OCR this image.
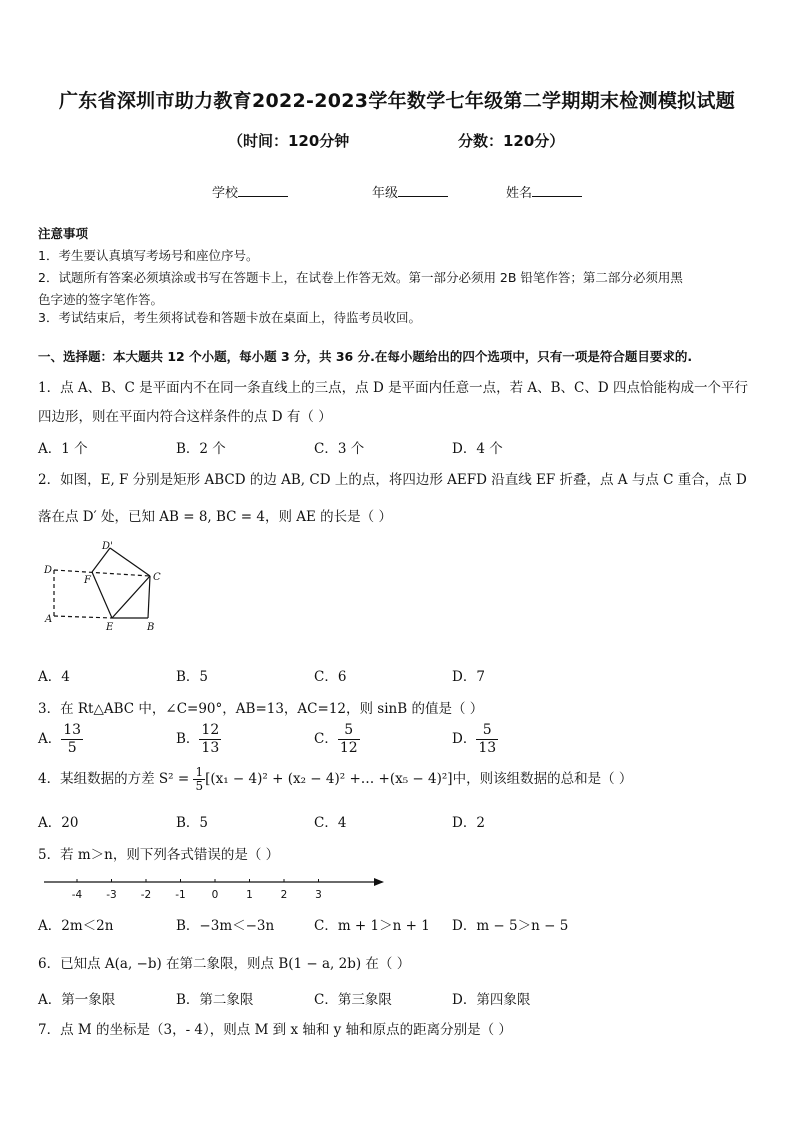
广东省深圳市助力教育2022-2023学年数学七年级第二学期期末检测模拟试题
（时间：120分钟	分数：120分）
学校	年级	姓名
注意事项
1．考生要认真填写考场号和座位序号。
2．试题所有答案必须填涂或书写在答题卡上，在试卷上作答无效。第一部分必须用 2B 铅笔作答；第二部分必须用黑
色字迹的签字笔作答。
3．考试结束后，考生须将试卷和答题卡放在桌面上，待监考员收回。
一、选择题：本大题共 12 个小题，每小题 3 分，共 36 分.在每小题给出的四个选项中，只有一项是符合题目要求的.
1．点 A、B、C 是平面内不在同一条直线上的三点，点 D 是平面内任意一点，若 A、B、C、D 四点恰能构成一个平行
四边形，则在平面内符合这样条件的点 D 有（ ）
A．1 个	B．2 个	C．3 个	D．4 个
2．如图，E, F 分别是矩形 ABCD 的边 AB, CD 上的点，将四边形 AEFD 沿直线 EF 折叠，点 A 与点 C 重合，点 D
落在点 D′ 处，已知 AB = 8, BC = 4，则 AE 的长是（ ）
D'
D
F	C
A
E	B
A．4	B．5	C．6	D．7
3．在 Rt△ABC 中，∠C=90°，AB=13，AC=12，则 sinB 的值是（ ）
A． $\frac{13}{5}$	B． $\frac{12}{13}$	C． $\frac{5}{12}$	D． $\frac{5}{13}$
4．某组数据的方差 $S^2 = \frac{1}{5} [(x_1 - 4)^2 + (x_2 - 4)^2$ +… +(x₅ − 4)²]中，则该组数据的总和是（ ）
A．20	B．5	C．4	D．2
5．若 m＞n，则下列各式错误的是（ ）
-4 -3 -2 -1 0	1	2	3
A．2m＜2n	B．−3m＜−3n	C．m + 1＞n + 1 D．m − 5＞n − 5
6．已知点 A(a, −b) 在第二象限，则点 B(1 − a, 2b) 在（ ）
A．第一象限	B．第二象限	C．第三象限	D．第四象限
7．点 M 的坐标是（3，- 4），则点 M 到 x 轴和 y 轴和原点的距离分别是（ ）
